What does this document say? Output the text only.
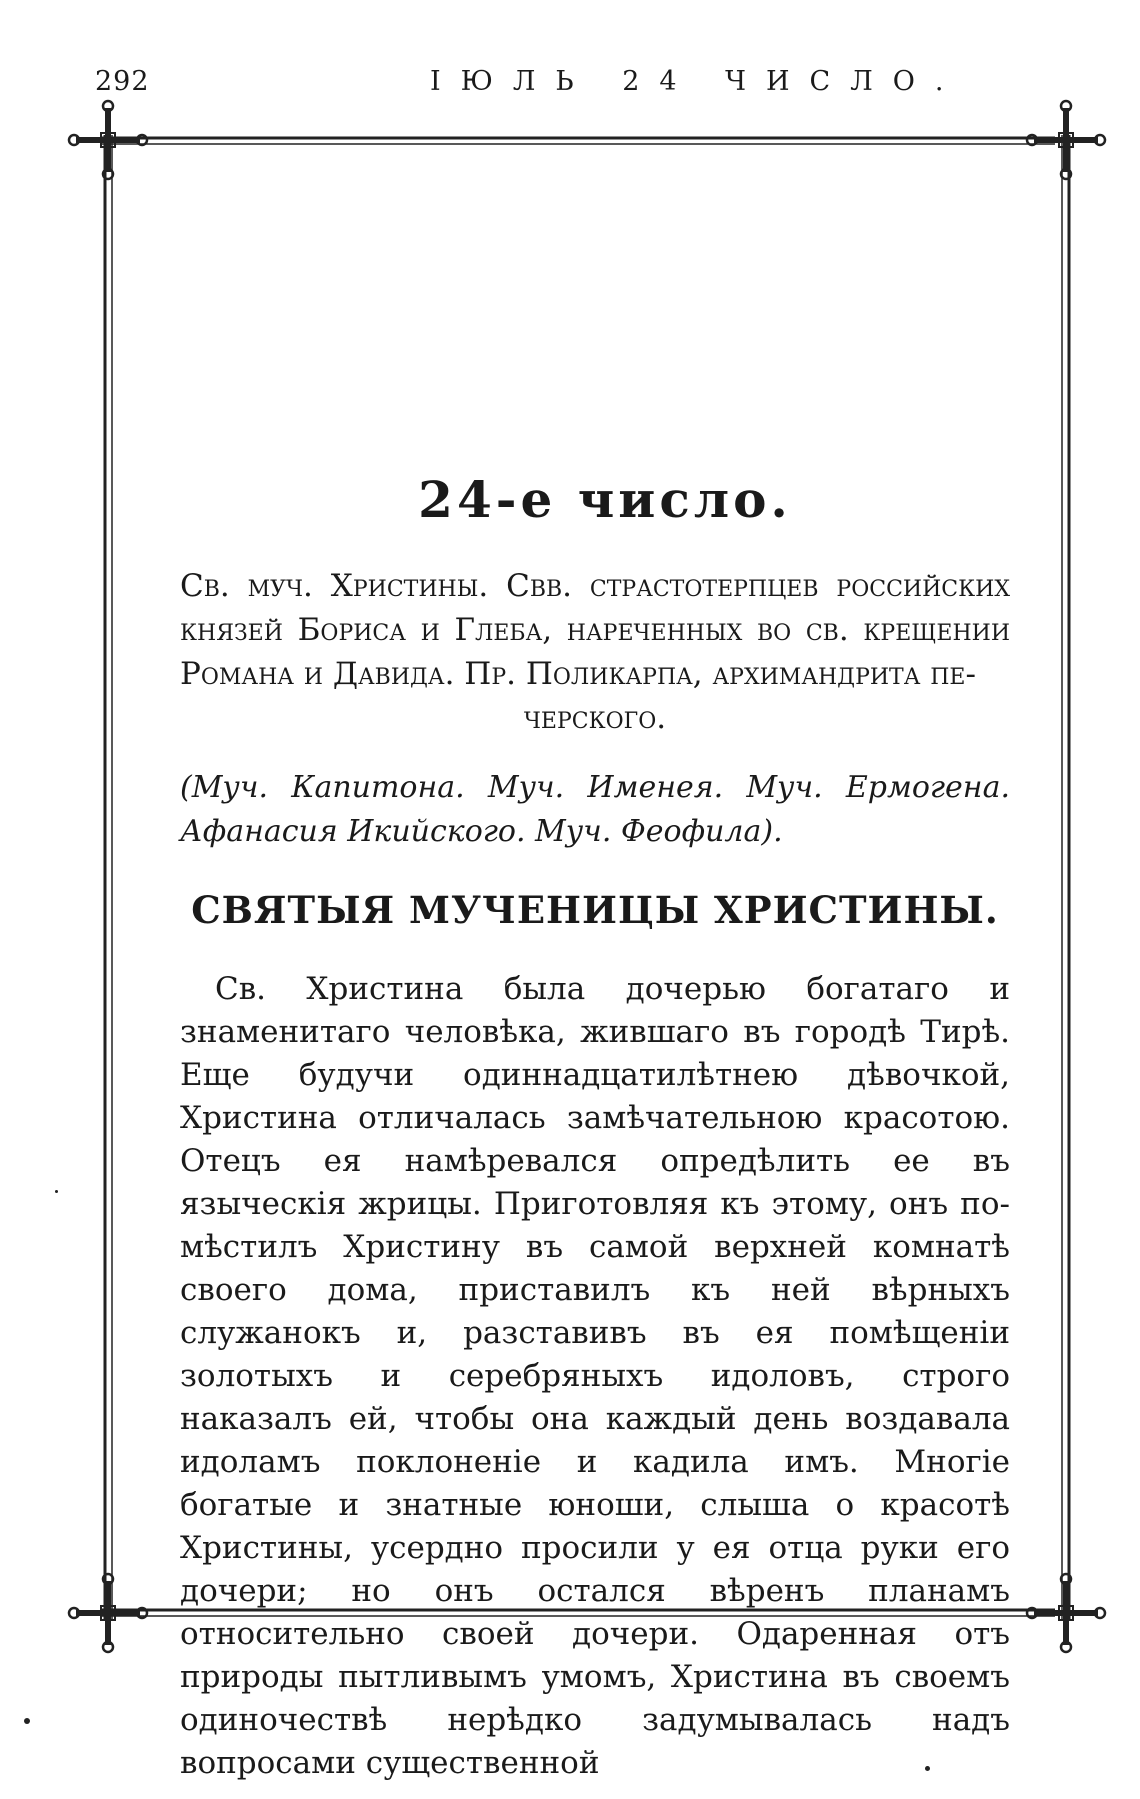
292	ІЮЛЬ 24 ЧИСЛО.
24-е число.

Св. муч. Христины. Свв. страстотерпцев российских князей Бориса и Глеба, нареченных во св. крещении Романа и Давида. Пр. Поликарпа, архимандрита пе-

черского.

(Муч. Капитона. Муч. Именея. Муч. Ермогена. Афанасия Икийского. Муч. Феофила).

СВЯТЫЯ МУЧЕНИЦЫ ХРИСТИНЫ.

Св. Христина была дочерью богатаго и знаменитаго человѣка, жившаго въ городѣ Тирѣ. Еще будучи одиннадцатилѣтнею дѣвочкой, Христина отличалась замѣчательною красотою. Отецъ ея намѣревался опредѣлить ее въ языческія жрицы. Приготовляя къ этому, онъ помѣстилъ Христину въ самой верхней комнатѣ своего дома, приставилъ къ ней вѣрныхъ служанокъ и, разставивъ въ ея помѣщеніи золотыхъ и серебряныхъ идоловъ, строго наказалъ ей, чтобы она каждый день воздавала идоламъ поклоненіе и кадила имъ. Многіе богатые и знатные юноши, слыша о красотѣ Христины, усердно просили у ея отца руки его дочери; но онъ остался вѣренъ планамъ относительно своей дочери. Одаренная отъ природы пытливымъ умомъ, Христина въ своемъ одиночествѣ нерѣдко задумывалась надъ вопросами существенной
